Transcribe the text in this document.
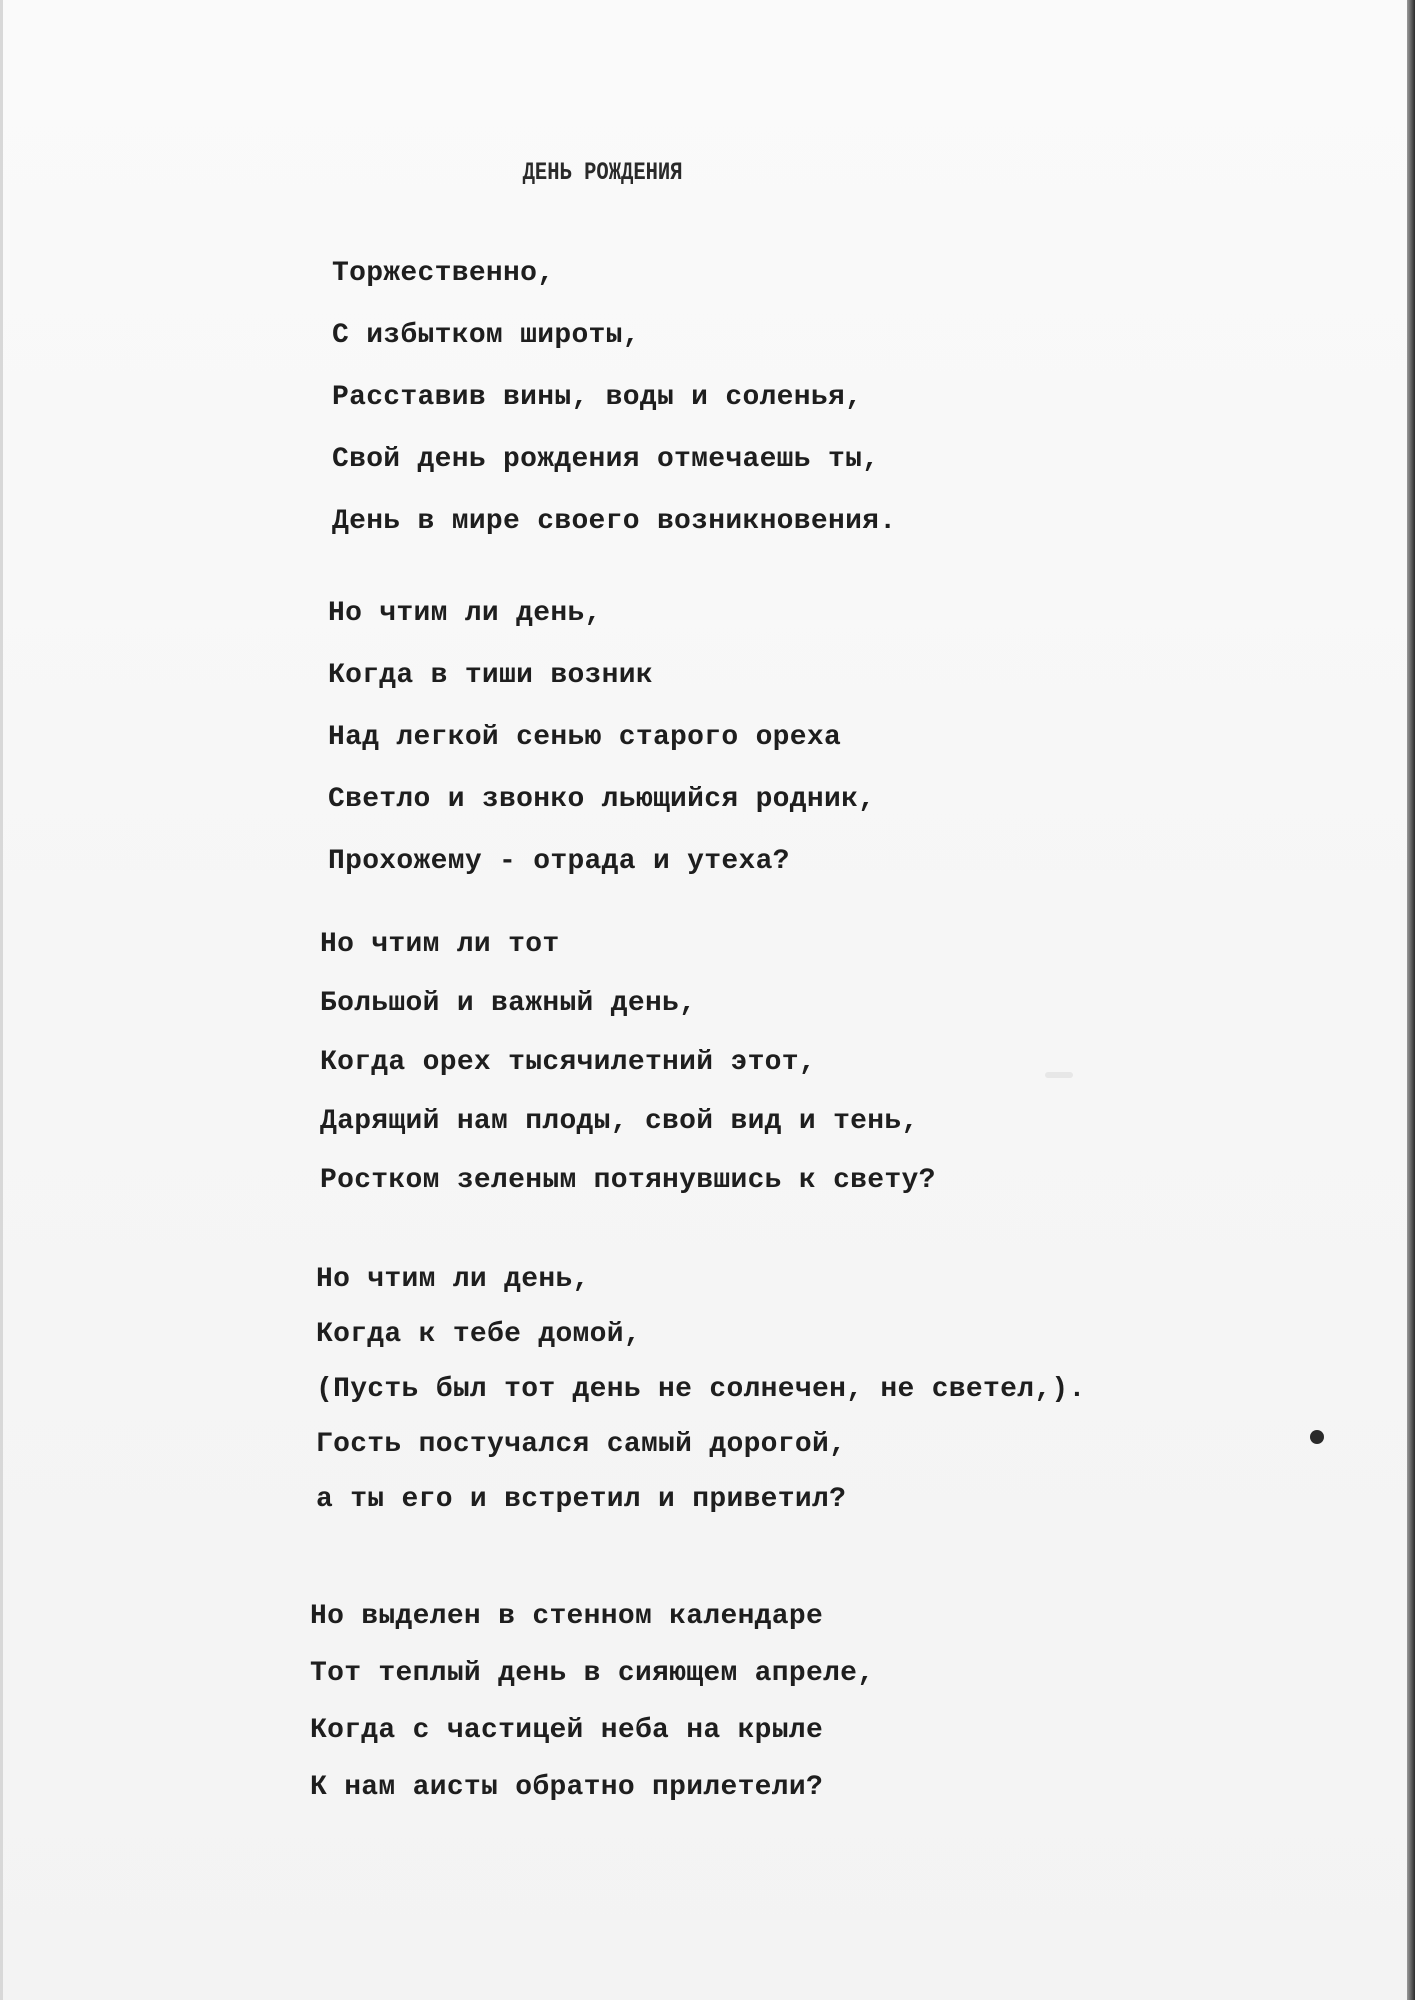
ДЕНЬ РОЖДЕНИЯ
Торжественно,
С избытком широты,
Расставив вины, воды и соленья,
Свой день рождения отмечаешь ты,
День в мире своего возникновения.
Но чтим ли день,
Когда в тиши возник
Над легкой сенью старого ореха
Светло и звонко льющийся родник,
Прохожему - отрада и утеха?
Но чтим ли тот
Большой и важный день,
Когда орех тысячилетний этот,
Дарящий нам плоды, свой вид и тень,
Ростком зеленым потянувшись к свету?
Но чтим ли день,
Когда к тебе домой,
(Пусть был тот день не солнечен, не светел,).
Гость постучался самый дорогой,
а ты его и встретил и приветил?
Но выделен в стенном календаре
Тот теплый день в сияющем апреле,
Когда с частицей неба на крыле
К нам аисты обратно прилетели?
